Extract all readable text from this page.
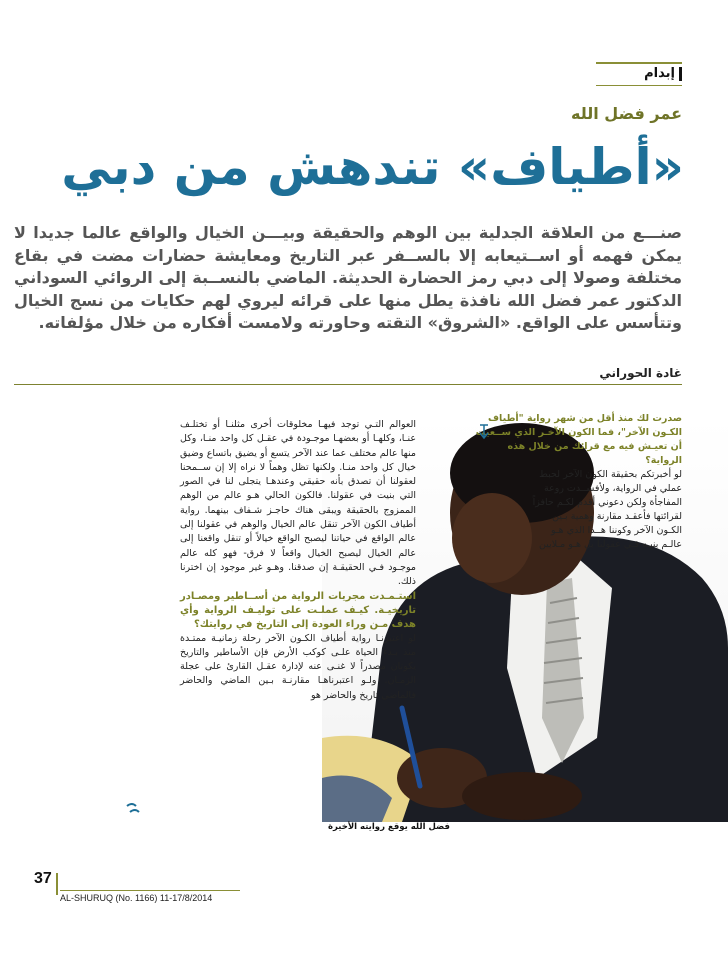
إبدام
عمر فضل الله
«أطياف» تندهش من دبي

صنـــع من العلاقة الجدلية بين الوهم والحقيقة وبيـــن الخيال والواقع عالما جديدا لا يمكن فهمه أو اســتيعابه إلا بالســفر عبر التاريخ ومعايشة حضارات مضت في بقاع مختلفة وصولا إلى دبي رمز الحضارة الحديثة. الماضي بالنســبة إلى الروائي السوداني الدكتور عمر فضل الله نافذة يطل منها على قرائه ليروي لهم حكايات من نسج الخيال وتتأسس على الواقع. «الشروق» التقته وحاورته ولامست أفكاره من خلال مؤلفاته.

غادة الحوراني

صدرت لك منذ أقل من شهر رواية "أطياف الكـون الآخر"، فما الكون الآخـر الذي ســعيت أن تعيـش فيه مع قرائك من خلال هذه الرواية؟

لو أخبرتكم بحقيقة الكون الآخر لحبط عملي في الرواية، ولأفســدت روعة المفاجأة ولكن دعوني أقدم لكـم حافزاً لقرائتها فأعقـد مقارنة وهمية بـين الكـون الآخر وكوننا هــذا الذي هـو عالـم بنيـه فـي عقولنا بل هـو مـلايين

العوالم التـي توجد فيهـا مخلوقات أخرى مثلنـا أو تختلـف عنـا، وكلهـا أو بعضهـا موجـودة في عقـل كل واحد منـا، وكل منها عالم مختلف عما عند الآخر يتسع أو يضيق باتساع وضيق خيال كل واحد منـا. ولكنها تظل وهماً لا نراه إلا إن ســمحنا لعقولنا أن تصدق بأنه حقيقي وعندهـا يتجلى لنا في الصور التي بنيت في عقولنا. فالكون الحالي هـو عالم من الوهم الممزوج بالحقيقة ويبقى هناك حاجـز شـفاف بينهما. رواية أطياف الكون الآخر تنقل عالم الخيال والوهم في عقولنا إلى عالم الواقع في حياتنا ليصبح الواقع خيالاً أو تنقل واقعنا إلى عالم الخيال ليصبح الخيال واقعاً لا فرق- فهو كله عالم موجـود فـي الحقيقـة إن صدقنا. وهـو غير موجود إن اخترنا ذلك.

استـمـدت مجريات الرواية من أســاطير ومصـادر تاريخيـة. كيـف عملـت على توليـف الرواية وأي هدف مـن وراء العودة إلى التاريخ في روايتك؟

لو اعتبرنـا رواية أطياف الكـون الآخر رحلة زمانيـة ممتـدة منذ بـدء الحياة علـى كوكب الأرض فإن الأساطير والتاريخ يكونان مصدراً لا غنـى عنه لإدارة عقـل القارئ على عجلة الزمـان. ولـو اعتبرناهـا مقارنـة بـين الماضي والحاضر فالماضي تاريخ والحاضر هو

فضل الله يوقع روايته الأخيرة
37
AL-SHURUQ (No. 1166) 11-17/8/2014
